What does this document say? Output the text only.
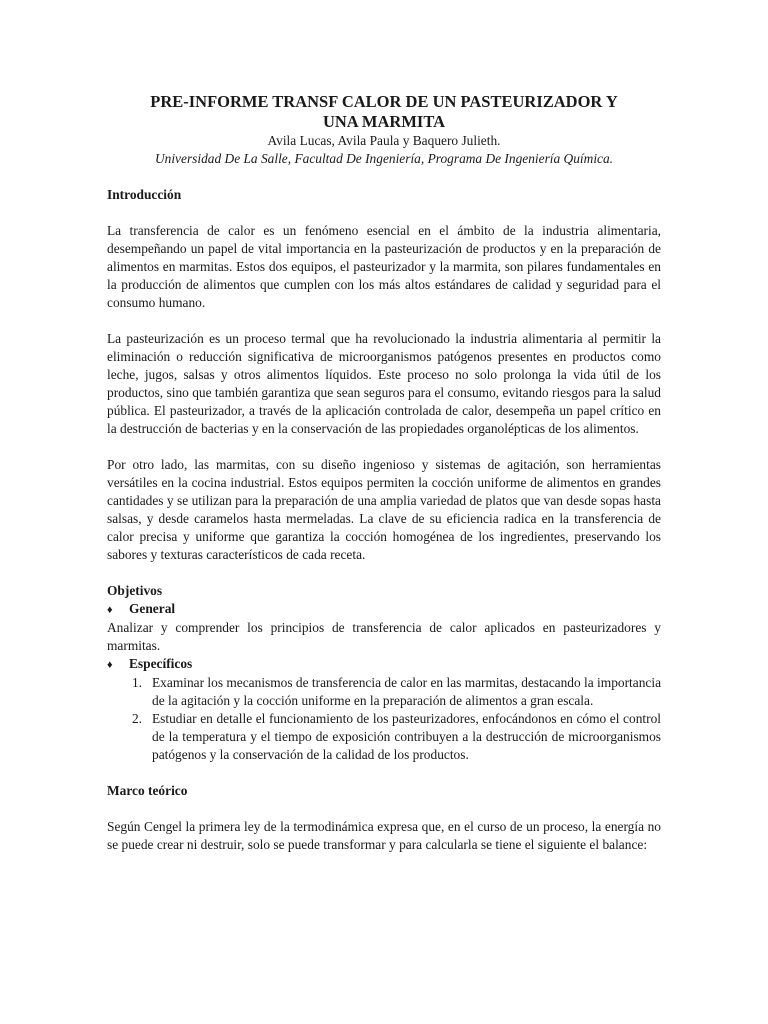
PRE-INFORME TRANSF CALOR DE UN PASTEURIZADOR Y UNA MARMITA

Avila Lucas, Avila Paula y Baquero Julieth.

Universidad De La Salle, Facultad De Ingeniería, Programa De Ingeniería Química.

Introducción

La transferencia de calor es un fenómeno esencial en el ámbito de la industria alimentaria, desempeñando un papel de vital importancia en la pasteurización de productos y en la preparación de alimentos en marmitas. Estos dos equipos, el pasteurizador y la marmita, son pilares fundamentales en la producción de alimentos que cumplen con los más altos estándares de calidad y seguridad para el consumo humano.

La pasteurización es un proceso termal que ha revolucionado la industria alimentaria al permitir la eliminación o reducción significativa de microorganismos patógenos presentes en productos como leche, jugos, salsas y otros alimentos líquidos. Este proceso no solo prolonga la vida útil de los productos, sino que también garantiza que sean seguros para el consumo, evitando riesgos para la salud pública. El pasteurizador, a través de la aplicación controlada de calor, desempeña un papel crítico en la destrucción de bacterias y en la conservación de las propiedades organolépticas de los alimentos.

Por otro lado, las marmitas, con su diseño ingenioso y sistemas de agitación, son herramientas versátiles en la cocina industrial. Estos equipos permiten la cocción uniforme de alimentos en grandes cantidades y se utilizan para la preparación de una amplia variedad de platos que van desde sopas hasta salsas, y desde caramelos hasta mermeladas. La clave de su eficiencia radica en la transferencia de calor precisa y uniforme que garantiza la cocción homogénea de los ingredientes, preservando los sabores y texturas característicos de cada receta.

Objetivos

♦	General

Analizar y comprender los principios de transferencia de calor aplicados en pasteurizadores y marmitas.

♦	Específicos
1. Examinar los mecanismos de transferencia de calor en las marmitas, destacando la importancia de la agitación y la cocción uniforme en la preparación de alimentos a gran escala.
2. Estudiar en detalle el funcionamiento de los pasteurizadores, enfocándonos en cómo el control de la temperatura y el tiempo de exposición contribuyen a la destrucción de microorganismos patógenos y la conservación de la calidad de los productos.

Marco teórico

Según Cengel la primera ley de la termodinámica expresa que, en el curso de un proceso, la energía no se puede crear ni destruir, solo se puede transformar y para calcularla se tiene el siguiente el balance:
